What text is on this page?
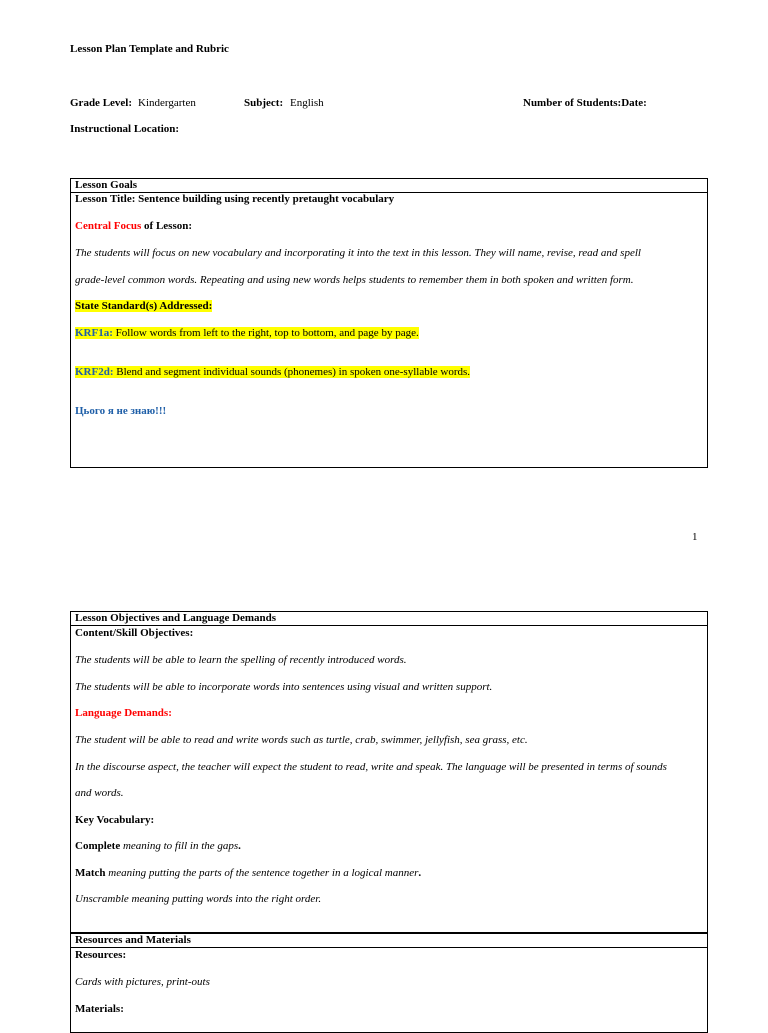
Lesson Plan Template and Rubric
Grade Level: Kindergarten	Subject: English	Number of Students:Date:
Instructional Location:
Lesson Goals
Lesson Title: Sentence building using recently pretaught vocabulary
Central Focus of Lesson:
The students will focus on new vocabulary and incorporating it into the text in this lesson. They will name, revise, read and spell
grade-level common words. Repeating and using new words helps students to remember them in both spoken and written form.
State Standard(s) Addressed:
KRF1a: Follow words from left to the right, top to bottom, and page by page.
KRF2d: Blend and segment individual sounds (phonemes) in spoken one-syllable words.
Цього я не знаю!!!
1
Lesson Objectives and Language Demands
Content/Skill Objectives:
The students will be able to learn the spelling of recently introduced words.
The students will be able to incorporate words into sentences using visual and written support.
Language Demands:
The student will be able to read and write words such as turtle, crab, swimmer, jellyfish, sea grass, etc.
In the discourse aspect, the teacher will expect the student to read, write and speak. The language will be presented in terms of sounds
and words.
Key Vocabulary:
Complete meaning to fill in the gaps.
Match meaning putting the parts of the sentence together in a logical manner.
Unscramble meaning putting words into the right order.
Resources and Materials
Resources:
Cards with pictures, print-outs
Materials:
